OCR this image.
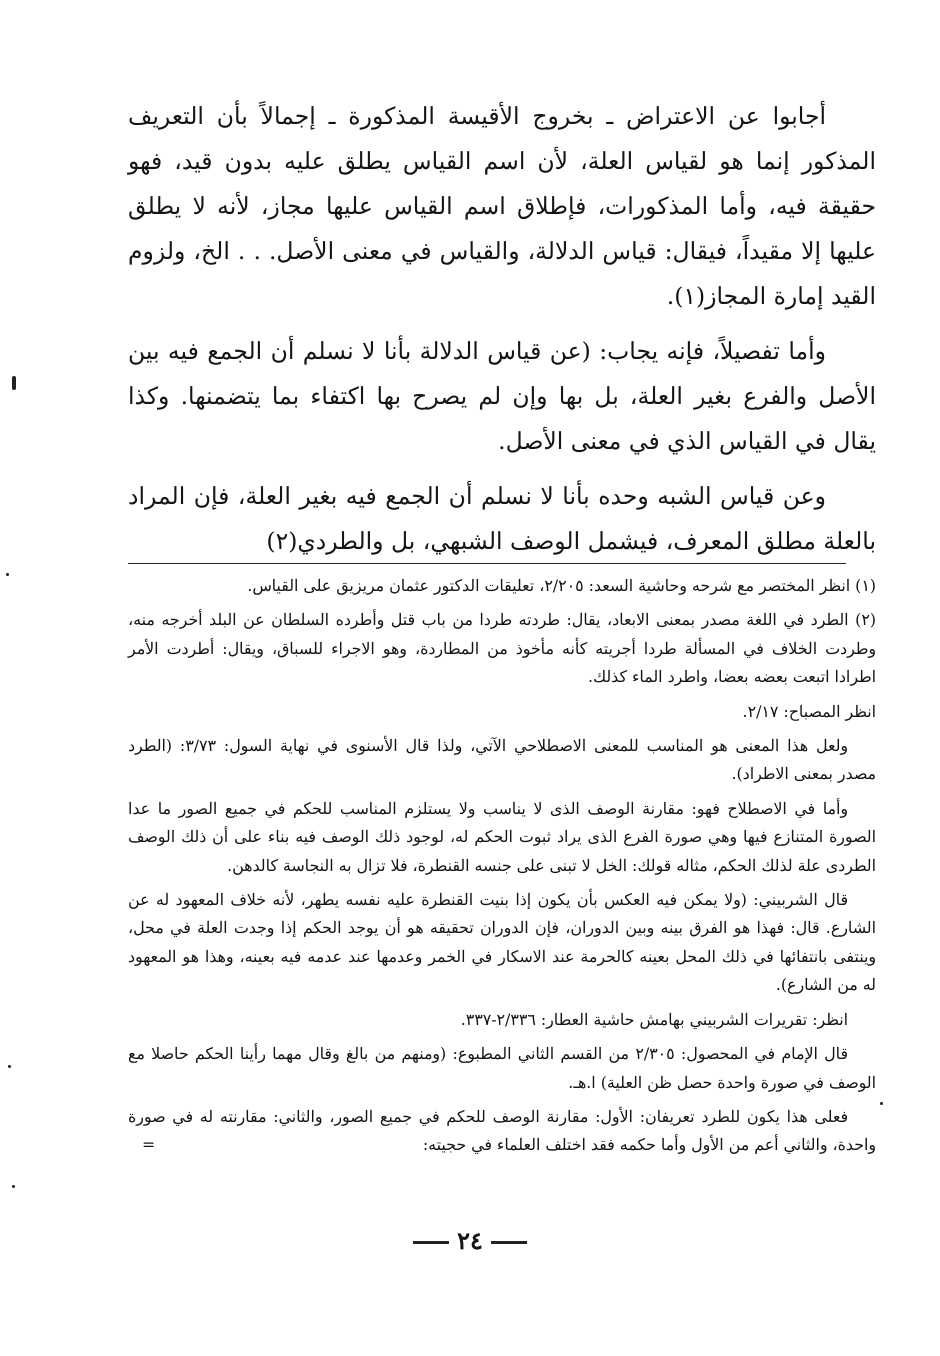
أجابوا عن الاعتراض ـ بخروج الأقيسة المذكورة ـ إجمالاً بأن التعريف المذكور إنما هو لقياس العلة، لأن اسم القياس يطلق عليه بدون قيد، فهو حقيقة فيه، وأما المذكورات، فإطلاق اسم القياس عليها مجاز، لأنه لا يطلق عليها إلا مقيداً، فيقال: قياس الدلالة، والقياس في معنى الأصل. . . الخ، ولزوم القيد إمارة المجاز(١).

وأما تفصيلاً، فإنه يجاب: (عن قياس الدلالة بأنا لا نسلم أن الجمع فيه بين الأصل والفرع بغير العلة، بل بها وإن لم يصرح بها اكتفاء بما يتضمنها. وكذا يقال في القياس الذي في معنى الأصل.

وعن قياس الشبه وحده بأنا لا نسلم أن الجمع فيه بغير العلة، فإن المراد بالعلة مطلق المعرف، فيشمل الوصف الشبهي، بل والطردي(٢)

(١) انظر المختصر مع شرحه وحاشية السعد: ٢/٢٠٥، تعليقات الدكتور عثمان مريزيق على القياس.

(٢) الطرد في اللغة مصدر بمعنى الابعاد، يقال: طردته طردا من باب قتل وأطرده السلطان عن البلد أخرجه منه، وطردت الخلاف في المسألة طردا أجريته كأنه مأخوذ من المطاردة، وهو الاجراء للسباق، ويقال: أطردت الأمر اطرادا اتبعت بعضه بعضا، واطرد الماء كذلك.

انظر المصباح: ٢/١٧.

ولعل هذا المعنى هو المناسب للمعنى الاصطلاحي الآتي، ولذا قال الأسنوى في نهاية السول: ٣/٧٣: (الطرد مصدر بمعنى الاطراد).

وأما في الاصطلاح فهو: مقارنة الوصف الذى لا يناسب ولا يستلزم المناسب للحكم في جميع الصور ما عدا الصورة المتنازع فيها وهي صورة الفرع الذى يراد ثبوت الحكم له، لوجود ذلك الوصف فيه بناء على أن ذلك الوصف الطردى علة لذلك الحكم، مثاله قولك: الخل لا تبنى على جنسه القنطرة، فلا تزال به النجاسة كالدهن.

قال الشربيني: (ولا يمكن فيه العكس بأن يكون إذا بنيت القنطرة عليه نفسه يطهر، لأنه خلاف المعهود له عن الشارع. قال: فهذا هو الفرق بينه وبين الدوران، فإن الدوران تحقيقه هو أن يوجد الحكم إذا وجدت العلة في محل، وينتفى بانتفائها في ذلك المحل بعينه كالحرمة عند الاسكار في الخمر وعدمها عند عدمه فيه بعينه، وهذا هو المعهود له من الشارع).

انظر: تقريرات الشربيني بهامش حاشية العطار: ٢/٣٣٦-٣٣٧.

قال الإمام في المحصول: ٢/٣٠٥ من القسم الثاني المطبوع: (ومنهم من بالغ وقال مهما رأينا الحكم حاصلا مع الوصف في صورة واحدة حصل ظن العلية) ا.هـ.

فعلى هذا يكون للطرد تعريفان: الأول: مقارنة الوصف للحكم في جميع الصور، والثاني: مقارنته له في صورة واحدة، والثاني أعم من الأول وأما حكمه فقد اختلف العلماء في حجيته:
=

٢٤
